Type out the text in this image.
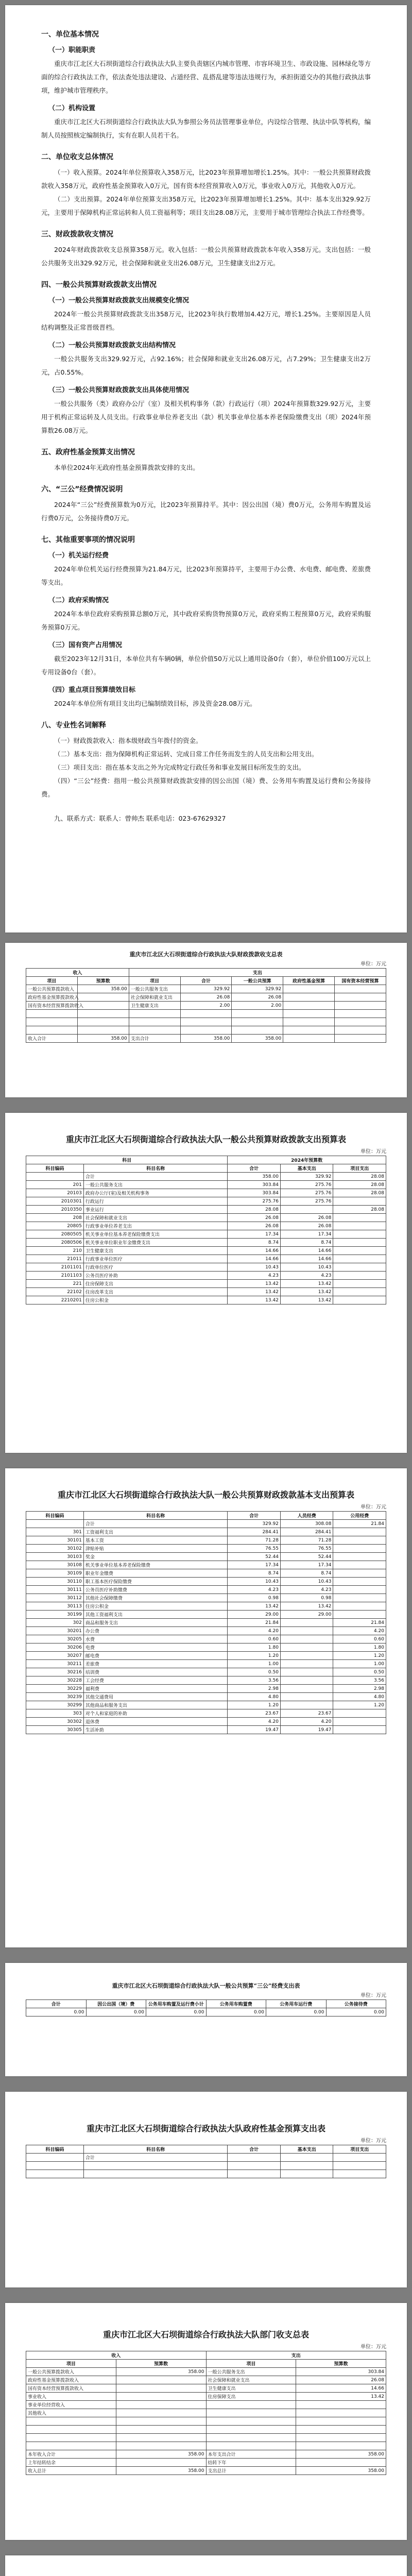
一、单位基本情况
（一）职能职责

重庆市江北区大石坝街道综合行政执法大队主要负责辖区内城市管理、市容环境卫生、市政设施、园林绿化等方面的综合行政执法工作，依法查处违法建设、占道经营、乱搭乱建等违法违规行为，承担街道交办的其他行政执法事项，维护城市管理秩序。

（二）机构设置

重庆市江北区大石坝街道综合行政执法大队为参照公务员法管理事业单位，内设综合管理、执法中队等机构，编制人员按照核定编制执行，实有在职人员若干名。

二、单位收支总体情况

（一）收入预算。2024年单位预算收入358万元，比2023年预算增加增长1.25%。其中：一般公共预算财政拨款收入358万元，政府性基金预算收入0万元，国有资本经营预算收入0万元，事业收入0万元，其他收入0万元。

（二）支出预算。2024年单位预算支出358万元，比2023年预算增加增长1.25%。其中：基本支出329.92万元，主要用于保障机构正常运转和人员工资福利等；项目支出28.08万元，主要用于城市管理综合执法工作经费等。

三、财政拨款收支情况

2024年财政拨款收支总预算358万元。收入包括：一般公共预算财政拨款本年收入358万元。支出包括：一般公共服务支出329.92万元，社会保障和就业支出26.08万元，卫生健康支出2万元。

四、一般公共预算财政拨款支出情况
（一）一般公共预算财政拨款支出规模变化情况

2024年一般公共预算财政拨款支出358万元，比2023年执行数增加4.42万元，增长1.25%。主要原因是人员结构调整及正常晋级晋档。

（二）一般公共预算财政拨款支出结构情况

一般公共服务支出329.92万元，占92.16%；社会保障和就业支出26.08万元，占7.29%；卫生健康支出2万元，占0.55%。

（三）一般公共预算财政拨款支出具体使用情况

一般公共服务（类）政府办公厅（室）及相关机构事务（款）行政运行（项）2024年预算数329.92万元，主要用于机构正常运转及人员支出。行政事业单位养老支出（款）机关事业单位基本养老保险缴费支出（项）2024年预算数26.08万元。

五、政府性基金预算支出情况

本单位2024年无政府性基金预算拨款安排的支出。

六、“三公”经费情况说明

2024年“三公”经费预算数为0万元，比2023年预算持平。其中：因公出国（境）费0万元，公务用车购置及运行费0万元，公务接待费0万元。

七、其他重要事项的情况说明
（一）机关运行经费

2024年单位机关运行经费预算为21.84万元，比2023年预算持平，主要用于办公费、水电费、邮电费、差旅费等支出。

（二）政府采购情况

2024年本单位政府采购预算总额0万元，其中政府采购货物预算0万元，政府采购工程预算0万元，政府采购服务预算0万元。

（三）国有资产占用情况

截至2023年12月31日，本单位共有车辆0辆，单位价值50万元以上通用设备0台（套），单位价值100万元以上专用设备0台（套）。

（四）重点项目预算绩效目标

2024年本单位所有项目支出均已编制绩效目标，涉及资金28.08万元。

八、专业性名词解释

（一）财政拨款收入：指本级财政当年拨付的资金。

（二）基本支出：指为保障机构正常运转、完成日常工作任务而发生的人员支出和公用支出。

（三）项目支出：指在基本支出之外为完成特定行政任务和事业发展目标所发生的支出。

（四）“三公”经费：指用一般公共预算财政拨款安排的因公出国（境）费、公务用车购置及运行费和公务接待费。

九、联系方式：联系人：曾帅杰 联系电话：023-67629327
重庆市江北区大石坝街道综合行政执法大队财政拨款收支总表
单位：万元
收入		支出				
项目	预算数	项目	合计	一般公共预算	政府性基金预算	国有资本经营预算
一般公共预算拨款收入	358.00	一般公共服务支出	329.92	329.92		
政府性基金预算拨款收入		社会保障和就业支出	26.08	26.08		
国有资本经营预算拨款收入		卫生健康支出	2.00	2.00		

收入合计	358.00	支出合计	358.00	358.00		
重庆市江北区大石坝街道综合行政执法大队一般公共预算财政拨款支出预算表
单位：万元
科目		2024年预算数		
科目编码	科目名称	合计	基本支出	项目支出
	合计	358.00	329.92	28.08
201	一般公共服务支出	303.84	275.76	28.08
20103	政府办公厅(室)及相关机构事务	303.84	275.76	28.08
2010301	行政运行	275.76	275.76	
2010350	事业运行	28.08		28.08
208	社会保障和就业支出	26.08	26.08	
20805	行政事业单位养老支出	26.08	26.08	
2080505	机关事业单位基本养老保险缴费支出	17.34	17.34	
2080506	机关事业单位职业年金缴费支出	8.74	8.74	
210	卫生健康支出	14.66	14.66	
21011	行政事业单位医疗	14.66	14.66	
2101101	行政单位医疗	10.43	10.43	
2101103	公务员医疗补助	4.23	4.23	
221	住房保障支出	13.42	13.42	
22102	住房改革支出	13.42	13.42	
2210201	住房公积金	13.42	13.42	
重庆市江北区大石坝街道综合行政执法大队一般公共预算财政拨款基本支出预算表
单位：万元
科目编码	科目名称	合计	人员经费	公用经费
	合计	329.92	308.08	21.84
301	工资福利支出	284.41	284.41	
30101	基本工资	71.28	71.28	
30102	津贴补贴	76.55	76.55	
30103	奖金	52.44	52.44	
30108	机关事业单位基本养老保险缴费	17.34	17.34	
30109	职业年金缴费	8.74	8.74	
30110	职工基本医疗保险缴费	10.43	10.43	
30111	公务员医疗补助缴费	4.23	4.23	
30112	其他社会保障缴费	0.98	0.98	
30113	住房公积金	13.42	13.42	
30199	其他工资福利支出	29.00	29.00	
302	商品和服务支出	21.84		21.84
30201	办公费	4.20		4.20
30205	水费	0.60		0.60
30206	电费	1.80		1.80
30207	邮电费	1.20		1.20
30211	差旅费	1.00		1.00
30216	培训费	0.50		0.50
30228	工会经费	3.56		3.56
30229	福利费	2.98		2.98
30239	其他交通费用	4.80		4.80
30299	其他商品和服务支出	1.20		1.20
303	对个人和家庭的补助	23.67	23.67	
30302	退休费	4.20	4.20	
30305	生活补助	19.47	19.47	
重庆市江北区大石坝街道综合行政执法大队一般公共预算“三公”经费支出表
单位：万元
合计	因公出国（境）费	公务用车购置及运行费小计	公务用车购置费	公务用车运行费	公务接待费
0.00	0.00	0.00	0.00	0.00	0.00
重庆市江北区大石坝街道综合行政执法大队政府性基金预算支出表
单位：万元
科目编码	科目名称	合计	基本支出	项目支出
	合计			

重庆市江北区大石坝街道综合行政执法大队部门收支总表
单位：万元
收入		支出	
项目	预算数	项目	预算数
一般公共预算拨款收入	358.00	一般公共服务支出	303.84
政府性基金预算拨款收入		社会保障和就业支出	26.08
国有资本经营预算拨款收入		卫生健康支出	14.66
事业收入		住房保障支出	13.42
事业单位经营收入			
其他收入			

本年收入合计	358.00	本年支出合计	358.00
上年结转结余		结转下年	
收入总计	358.00	支出总计	358.00
